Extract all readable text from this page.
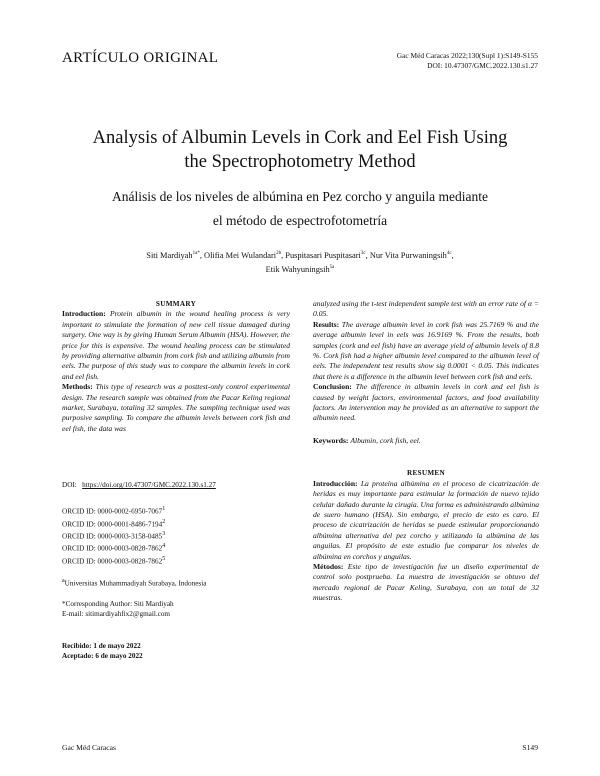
ARTÍCULO ORIGINAL	Gac Méd Caracas 2022;130(Supl 1):S149-S155
DOI: 10.47307/GMC.2022.130.s1.27
Analysis of Albumin Levels in Cork and Eel Fish Using
the Spectrophotometry Method
Análisis de los niveles de albúmina en Pez corcho y anguila mediante
el método de espectrofotometría
Siti Mardiyah$^{1a*}$, Olifia Mei Wulandari$^{2b}$, Puspitasari Puspitasari$^{3c}$, Nur Vita Purwaningsih$^{4c}$,
Etik Wahyuningsih$^{5a}$

SUMMARY

Introduction: Protein albumin in the wound healing process is very important to stimulate the formation of new cell tissue damaged during surgery. One way is by giving Human Serum Albumin (HSA). However, the price for this is expensive. The wound healing process can be stimulated by providing alternative albumin from cork fish and utilizing albumin from eels. The purpose of this study was to compare the albumin levels in cork and eel fish.

Methods: This type of research was a posttest-only control experimental design. The research sample was obtained from the Pacar Keling regional market, Surabaya, totaling 32 samples. The sampling technique used was purposive sampling. To compare the albumin levels between cork fish and eel fish, the data was

DOI: https://doi.org/10.47307/GMC.2022.130.s1.27

ORCID ID: 0000-0002-6950-7067$^1$

ORCID ID: 0000-0001-8486-7194$^2$

ORCID ID: 0000-0003-3158-0485$^3$

ORCID ID: 0000-0003-0828-7862$^4$

ORCID ID: 0000-0003-0828-7862$^5$

$^a$Universitas Muhammadiyah Surabaya, Indonesia

*Corresponding Author: Siti Mardiyah

E-mail: sitimardiyahfix2@gmail.com

Recibido: 1 de mayo 2022

Aceptado: 6 de mayo 2022

analyzed using the t-test independent sample test with an error rate of α = 0.05.

Results: The average albumin level in cork fish was 25.7169 % and the average albumin level in eels was 16.9169 %. From the results, both samples (cork and eel fish) have an average yield of albumin levels of 8.8 %. Cork fish had a higher albumin level compared to the albumin level of eels. The independent test results show sig 0.0001 < 0.05. This indicates that there is a difference in the albumin level between cork fish and eels.

Conclusion: The difference in albumin levels in cork and eel fish is caused by weight factors, environmental factors, and food availability factors. An intervention may be provided as an alternative to support the albumin need.

Keywords: Albumin, cork fish, eel.

RESUMEN

Introducción: La proteína albúmina en el proceso de cicatrización de heridas es muy importante para estimular la formación de nuevo tejido celular dañado durante la cirugía. Una forma es administrando albúmina de suero humano (HSA). Sin embargo, el precio de esto es caro. El proceso de cicatrización de heridas se puede estimular proporcionando albúmina alternativa del pez corcho y utilizando la albúmina de las anguilas. El propósito de este estudio fue comparar los niveles de albúmina en corchos y anguilas.

Métodos: Este tipo de investigación fue un diseño experimental de control solo postprueba. La muestra de investigación se obtuvo del mercado regional de Pacar Keling, Surabaya, con un total de 32 muestras.

Gac Méd Caracas	S149
